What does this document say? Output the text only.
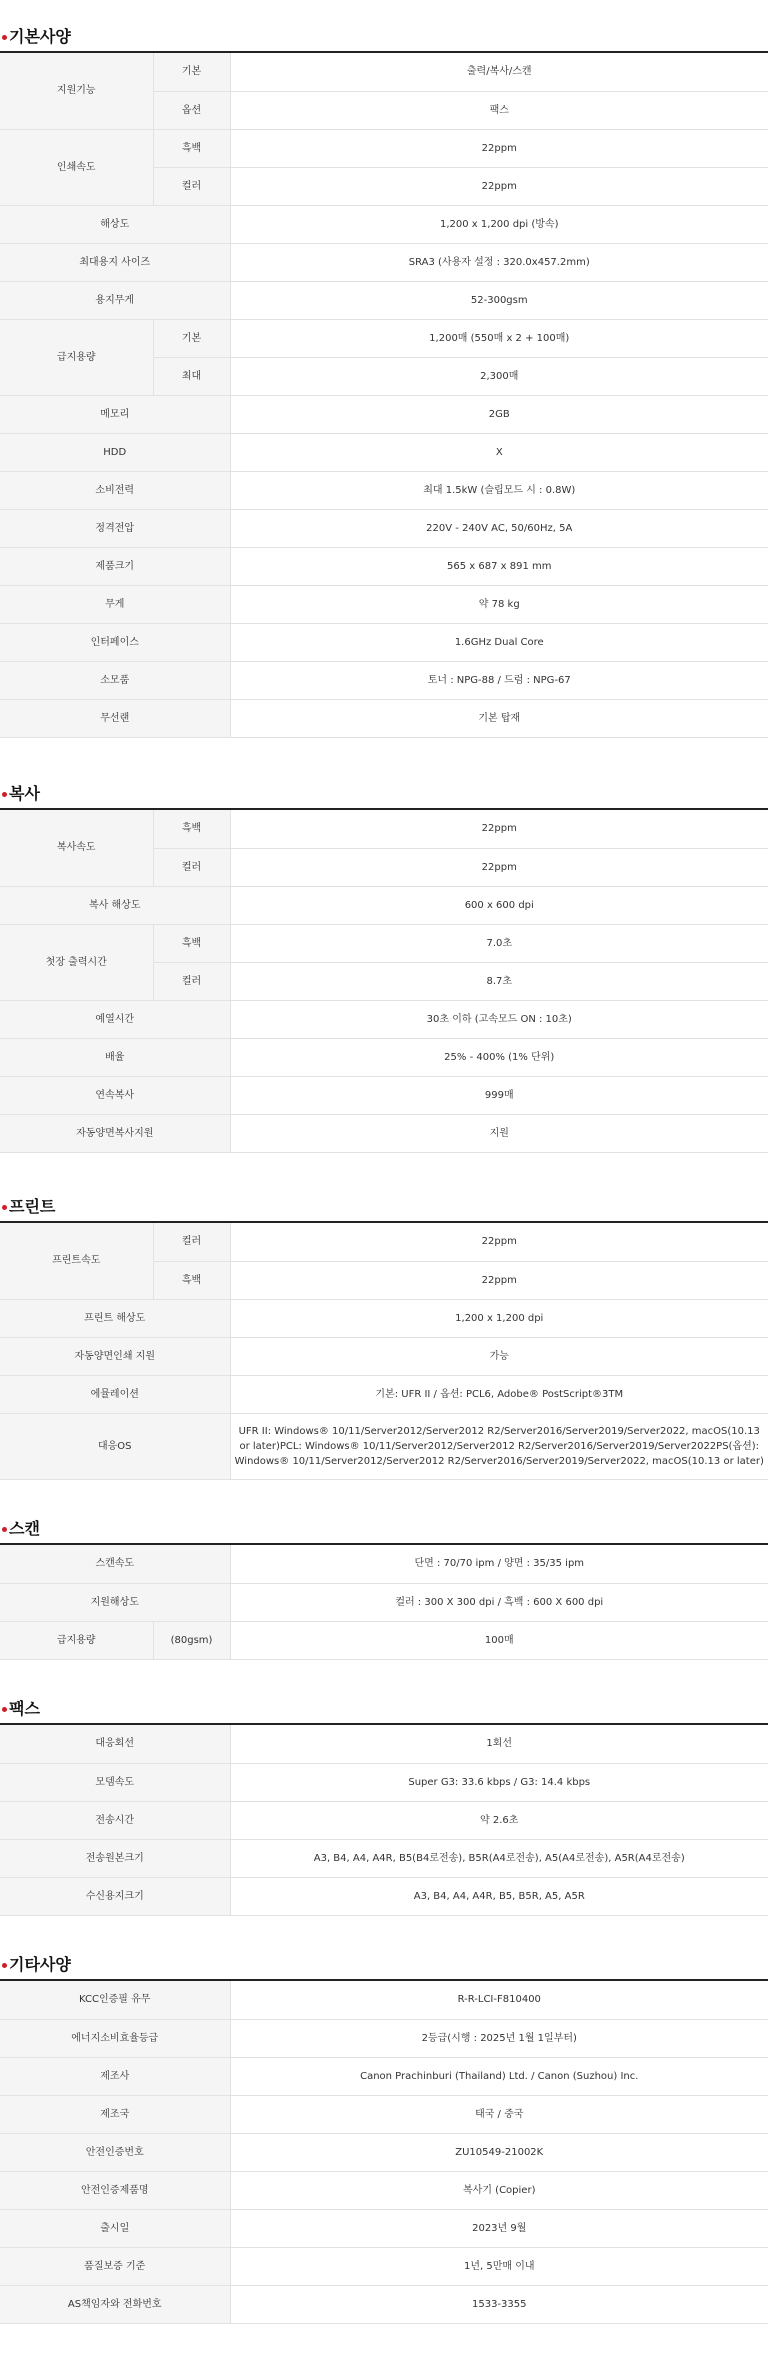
기본사양
지원기능	기본	출력/복사/스캔
	옵션	팩스
인쇄속도	흑백	22ppm
	컬러	22ppm
해상도		1,200 x 1,200 dpi (방속)
최대용지 사이즈		SRA3 (사용자 설정 : 320.0x457.2mm)
용지무게		52-300gsm
급지용량	기본	1,200매 (550매 x 2 + 100매)
	최대	2,300매
메모리		2GB
HDD		X
소비전력		최대 1.5kW (슬립모드 시 : 0.8W)
정격전압		220V - 240V AC, 50/60Hz, 5A
제품크기		565 x 687 x 891 mm
무게		약 78 kg
인터페이스		1.6GHz Dual Core
소모품		토너 : NPG-88 / 드럼 : NPG-67
무선랜		기본 탑재
복사
복사속도	흑백	22ppm
	컬러	22ppm
복사 해상도		600 x 600 dpi
첫장 출력시간	흑백	7.0초
	컬러	8.7초
예열시간		30초 이하 (고속모드 ON : 10초)
배율		25% - 400% (1% 단위)
연속복사		999매
자동양면복사지원		지원
프린트
프린트속도	컬러	22ppm
	흑백	22ppm
프린트 해상도		1,200 x 1,200 dpi
자동양면인쇄 지원		가능
에뮬레이션		기본: UFR II / 옵션: PCL6, Adobe® PostScript®3TM
대응OS		UFR II: Windows® 10/11/Server2012/Server2012 R2/Server2016/Server2019/Server2022, macOS(10.13 or later)PCL: Windows® 10/11/Server2012/Server2012 R2/Server2016/Server2019/Server2022PS(옵션): Windows® 10/11/Server2012/Server2012 R2/Server2016/Server2019/Server2022, macOS(10.13 or later)
스캔
스캔속도		단면 : 70/70 ipm / 양면 : 35/35 ipm
지원해상도		컬러 : 300 X 300 dpi / 흑백 : 600 X 600 dpi
급지용량	(80gsm)	100매
팩스
대응회선	1회선
모뎀속도	Super G3: 33.6 kbps / G3: 14.4 kbps
전송시간	약 2.6초
전송원본크기	A3, B4, A4, A4R, B5(B4로전송), B5R(A4로전송), A5(A4로전송), A5R(A4로전송)
수신용지크기	A3, B4, A4, A4R, B5, B5R, A5, A5R
기타사양
KCC인증필 유무	R-R-LCI-F810400
에너지소비효율등급	2등급(시행 : 2025년 1월 1일부터)
제조사	Canon Prachinburi (Thailand) Ltd. / Canon (Suzhou) Inc.
제조국	태국 / 중국
안전인증번호	ZU10549-21002K
안전인증제품명	복사기 (Copier)
출시일	2023년 9월
품질보증 기준	1년, 5만매 이내
AS책임자와 전화번호	1533-3355
